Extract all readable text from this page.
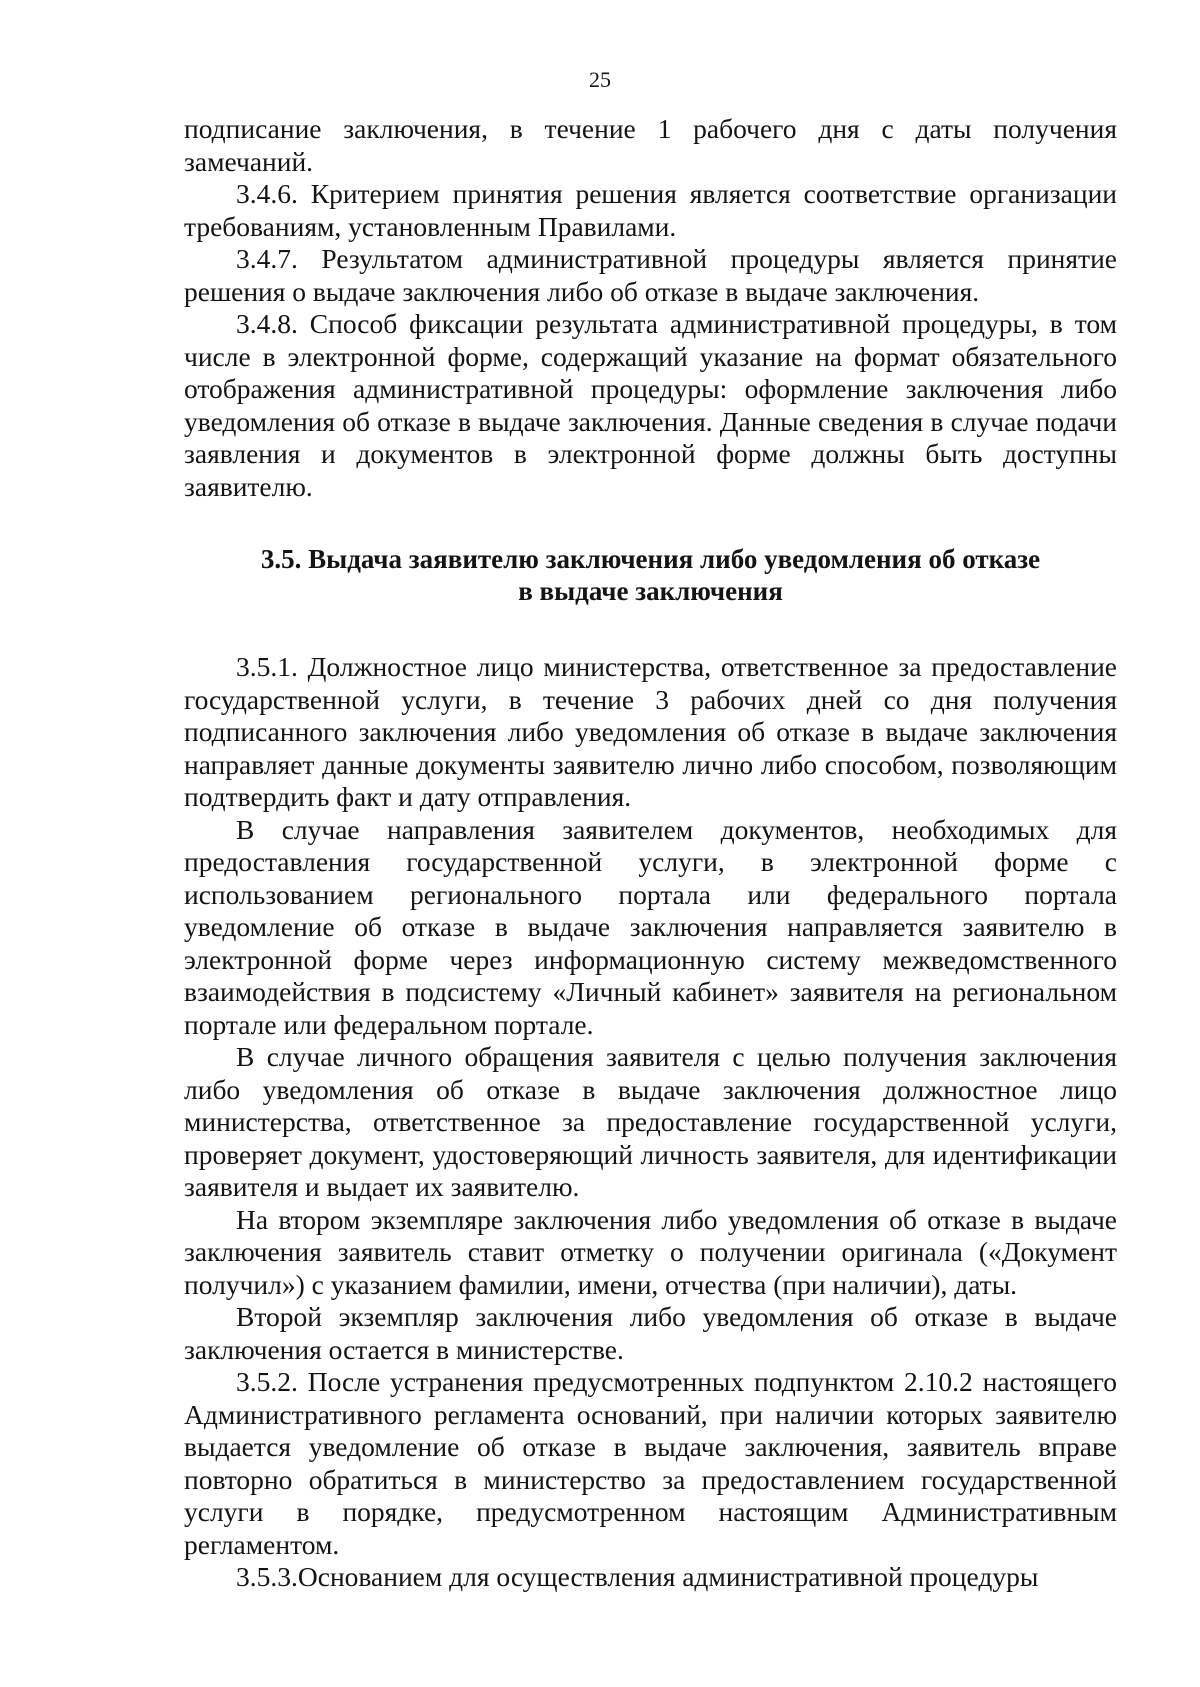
25

подписание заключения, в течение 1 рабочего дня с даты получения замечаний.

3.4.6. Критерием принятия решения является соответствие организации требованиям, установленным Правилами.

3.4.7. Результатом административной процедуры является принятие решения о выдаче заключения либо об отказе в выдаче заключения.

3.4.8. Способ фиксации результата административной процедуры, в том числе в электронной форме, содержащий указание на формат обязательного отображения административной процедуры: оформление заключения либо уведомления об отказе в выдаче заключения. Данные сведения в случае подачи заявления и документов в электронной форме должны быть доступны заявителю.

3.5. Выдача заявителю заключения либо уведомления об отказе
в выдаче заключения

3.5.1. Должностное лицо министерства, ответственное за предоставление государственной услуги, в течение 3 рабочих дней со дня получения подписанного заключения либо уведомления об отказе в выдаче заключения направляет данные документы заявителю лично либо способом, позволяющим подтвердить факт и дату отправления.

В случае направления заявителем документов, необходимых для предоставления государственной услуги, в электронной форме с использованием регионального портала или федерального портала уведомление об отказе в выдаче заключения направляется заявителю в электронной форме через информационную систему межведомственного взаимодействия в подсистему «Личный кабинет» заявителя на региональном портале или федеральном портале.

В случае личного обращения заявителя с целью получения заключения либо уведомления об отказе в выдаче заключения должностное лицо министерства, ответственное за предоставление государственной услуги, проверяет документ, удостоверяющий личность заявителя, для идентификации заявителя и выдает их заявителю.

На втором экземпляре заключения либо уведомления об отказе в выдаче заключения заявитель ставит отметку о получении оригинала («Документ получил») с указанием фамилии, имени, отчества (при наличии), даты.

Второй экземпляр заключения либо уведомления об отказе в выдаче заключения остается в министерстве.

3.5.2. После устранения предусмотренных подпунктом 2.10.2 настоящего Административного регламента оснований, при наличии которых заявителю выдается уведомление об отказе в выдаче заключения, заявитель вправе повторно обратиться в министерство за предоставлением государственной услуги в порядке, предусмотренном настоящим Административным регламентом.

3.5.3.Основанием для осуществления административной процедуры
